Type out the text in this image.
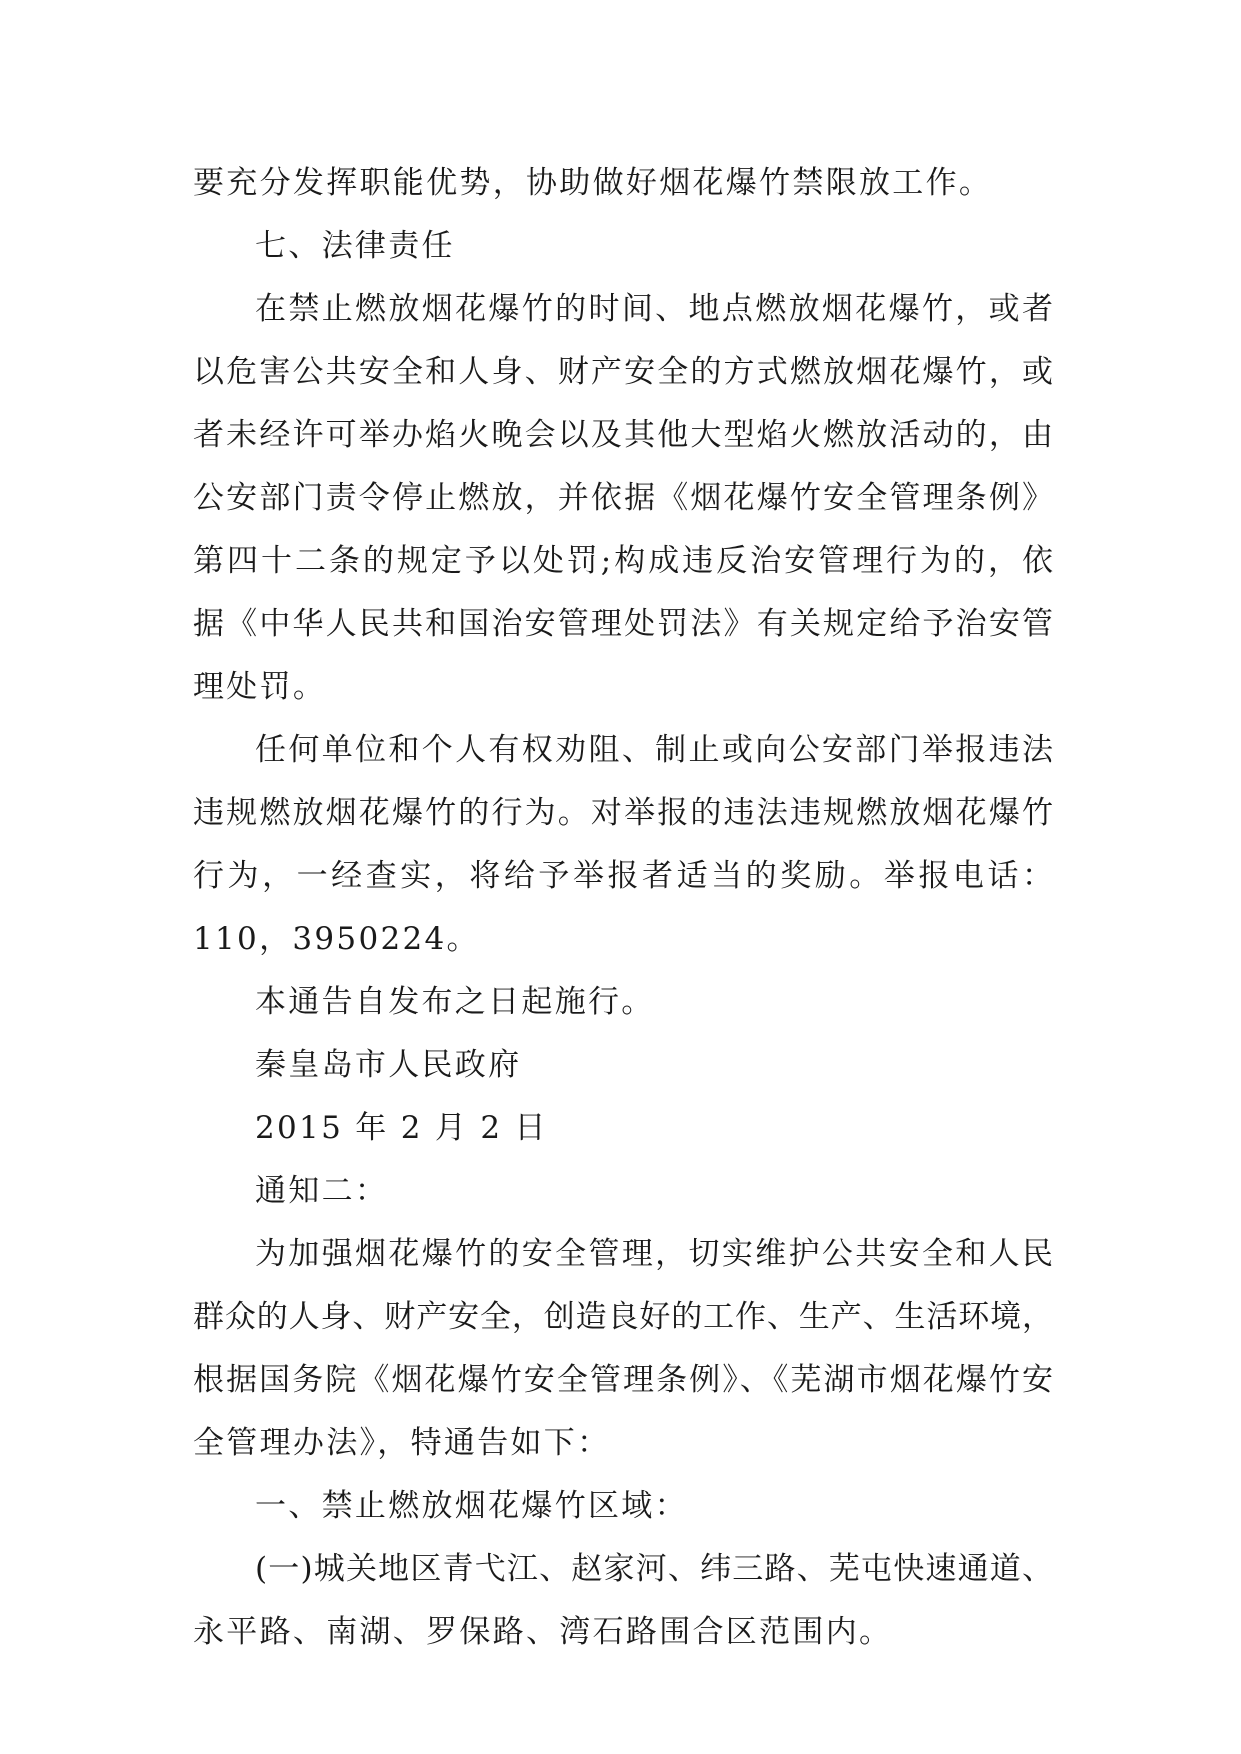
要充分发挥职能优势，协助做好烟花爆竹禁限放工作。
七、法律责任
在禁止燃放烟花爆竹的时间、地点燃放烟花爆竹，或者
以危害公共安全和人身、财产安全的方式燃放烟花爆竹，或
者未经许可举办焰火晚会以及其他大型焰火燃放活动的，由
公安部门责令停止燃放，并依据《烟花爆竹安全管理条例》
第四十二条的规定予以处罚;构成违反治安管理行为的，依
据《中华人民共和国治安管理处罚法》有关规定给予治安管
理处罚。
任何单位和个人有权劝阻、制止或向公安部门举报违法
违规燃放烟花爆竹的行为。对举报的违法违规燃放烟花爆竹
行为，一经查实，将给予举报者适当的奖励。举报电话：
110，3950224。
本通告自发布之日起施行。
秦皇岛市人民政府
2015 年 2 月 2 日
通知二：
为加强烟花爆竹的安全管理，切实维护公共安全和人民
群众的人身、财产安全，创造良好的工作、生产、生活环境，
根据国务院《烟花爆竹安全管理条例》、《芜湖市烟花爆竹安
全管理办法》，特通告如下：
一、禁止燃放烟花爆竹区域：
(一)城关地区青弋江、赵家河、纬三路、芜屯快速通道、
永平路、南湖、罗保路、湾石路围合区范围内。
